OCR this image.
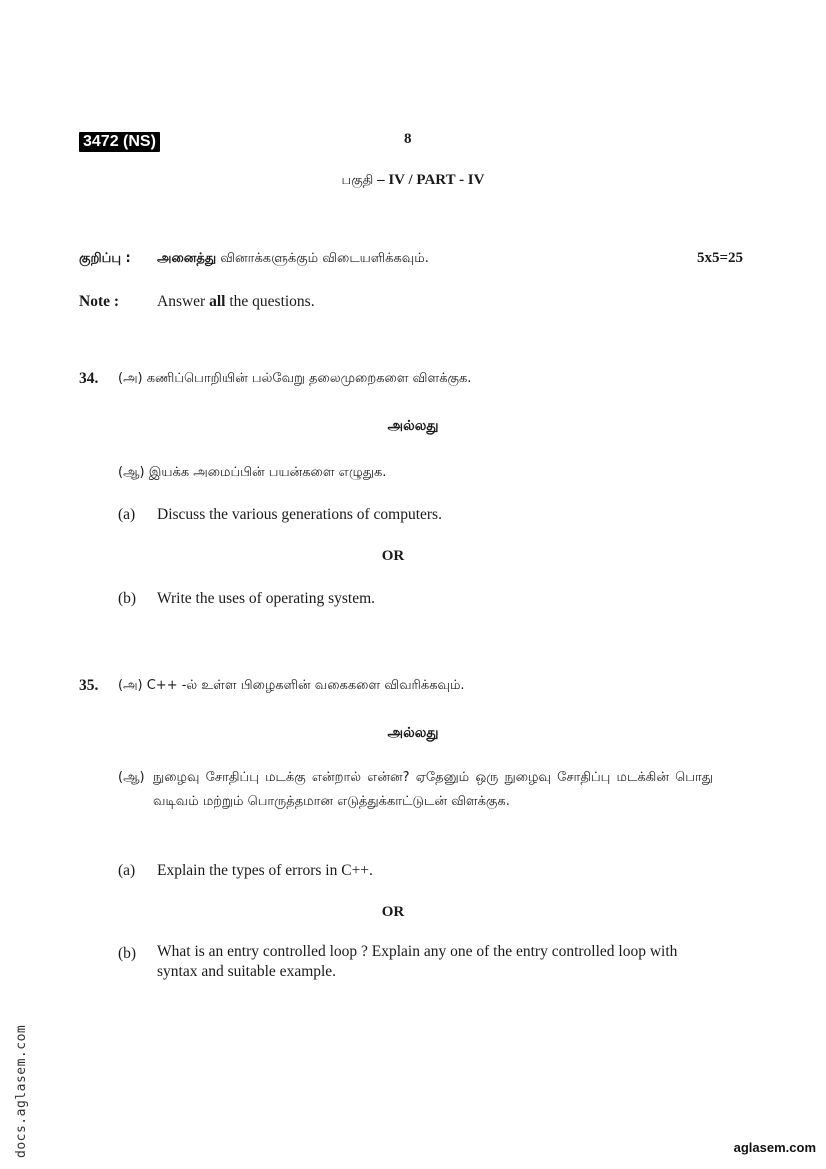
3472 (NS)	8
பகுதி – IV / PART - IV
குறிப்பு : அனைத்து வினாக்களுக்கும் விடையளிக்கவும்.	5x5=25
Note : Answer all the questions.
34. (அ) கணிப்பொறியின் பல்வேறு தலைமுறைகளை விளக்குக.
அல்லது
(ஆ) இயக்க அமைப்பின் பயன்களை எழுதுக.
(a) Discuss the various generations of computers.
OR
(b) Write the uses of operating system.
35. (அ) C++ -ல் உள்ள பிழைகளின் வகைகளை விவரிக்கவும்.
அல்லது
(ஆ) நுழைவு சோதிப்பு மடக்கு என்றால் என்ன? ஏதேனும் ஒரு நுழைவு சோதிப்பு மடக்கின் பொது வடிவம் மற்றும் பொருத்தமான எடுத்துக்காட்டுடன் விளக்குக.
(a) Explain the types of errors in C++.
OR
(b) What is an entry controlled loop ? Explain any one of the entry controlled loop with syntax and suitable example.
docs.aglasem.com	aglasem.com
